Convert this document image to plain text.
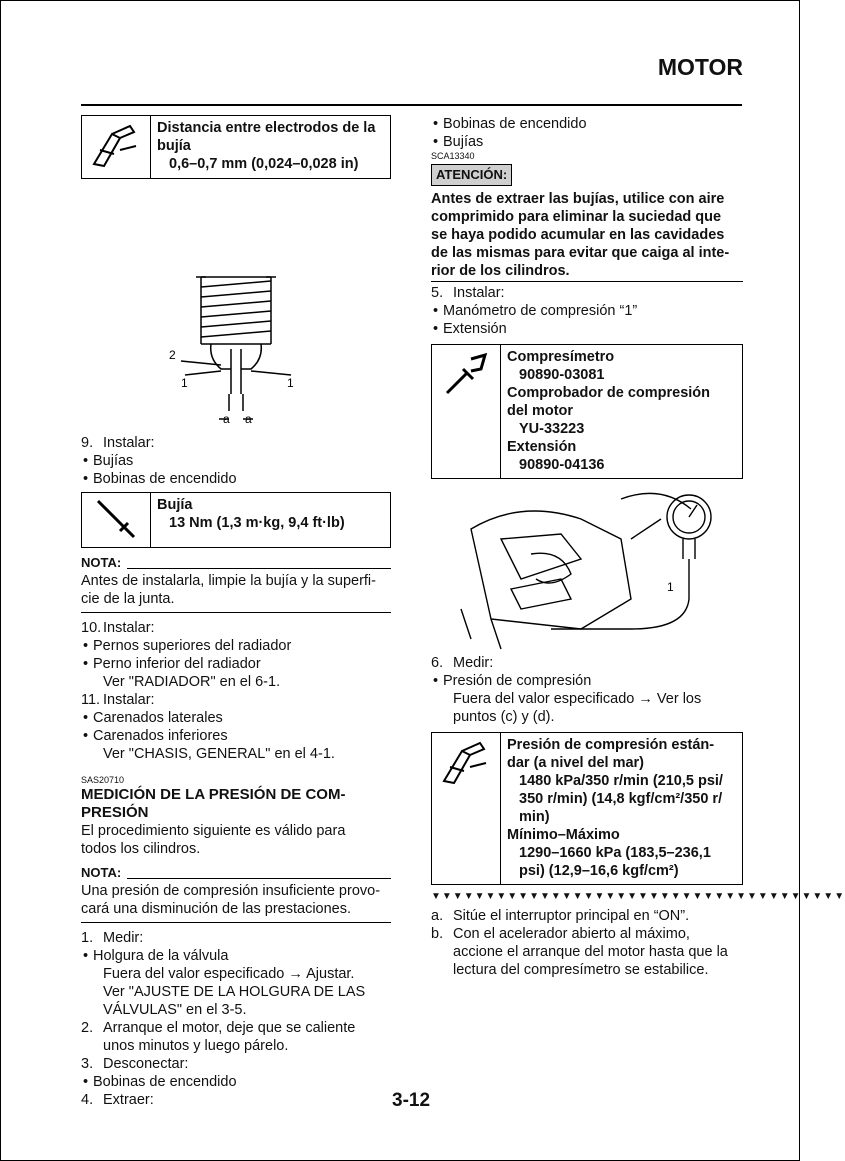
MOTOR
Distancia entre electrodos de la
bujía
0,6–0,7 mm (0,024–0,028 in)
2
1	1
a a
9. Instalar:
• Bujías
• Bobinas de encendido
Bujía
13 Nm (1,3 m·kg, 9,4 ft·lb)
NOTA:
Antes de instalarla, limpie la bujía y la superfi-
cie de la junta.
10. Instalar:
• Pernos superiores del radiador
• Perno inferior del radiador
Ver "RADIADOR" en el 6-1.
11. Instalar:
• Carenados laterales
• Carenados inferiores
Ver "CHASIS, GENERAL" en el 4-1.
SAS20710
MEDICIÓN DE LA PRESIÓN DE COM-
PRESIÓN
El procedimiento siguiente es válido para
todos los cilindros.
NOTA:
Una presión de compresión insuficiente provo-
cará una disminución de las prestaciones.
1. Medir:
• Holgura de la válvula
Fuera del valor especificado → Ajustar.
Ver "AJUSTE DE LA HOLGURA DE LAS
VÁLVULAS" en el 3-5.
2. Arranque el motor, deje que se caliente
unos minutos y luego párelo.
3. Desconectar:
• Bobinas de encendido
4. Extraer:
• Bobinas de encendido
• Bujías
SCA13340
ATENCIÓN:
Antes de extraer las bujías, utilice con aire
comprimido para eliminar la suciedad que
se haya podido acumular en las cavidades
de las mismas para evitar que caiga al inte-
rior de los cilindros.
5. Instalar:
• Manómetro de compresión “1”
• Extensión
Compresímetro
90890-03081
Comprobador de compresión
del motor
YU-33223
Extensión
90890-04136
1
6. Medir:
• Presión de compresión
Fuera del valor especificado → Ver los
puntos (c) y (d).
Presión de compresión están-
dar (a nivel del mar)
1480 kPa/350 r/min (210,5 psi/
350 r/min) (14,8 kgf/cm²/350 r/
min)
Mínimo–Máximo
1290–1660 kPa (183,5–236,1
psi) (12,9–16,6 kgf/cm²)
▼▼▼▼▼▼▼▼▼▼▼▼▼▼▼▼▼▼▼▼▼▼▼▼▼▼▼▼▼▼▼▼▼▼▼▼▼▼
a. Sitúe el interruptor principal en “ON”.
b. Con el acelerador abierto al máximo,
accione el arranque del motor hasta que la
lectura del compresímetro se estabilice.
3-12
